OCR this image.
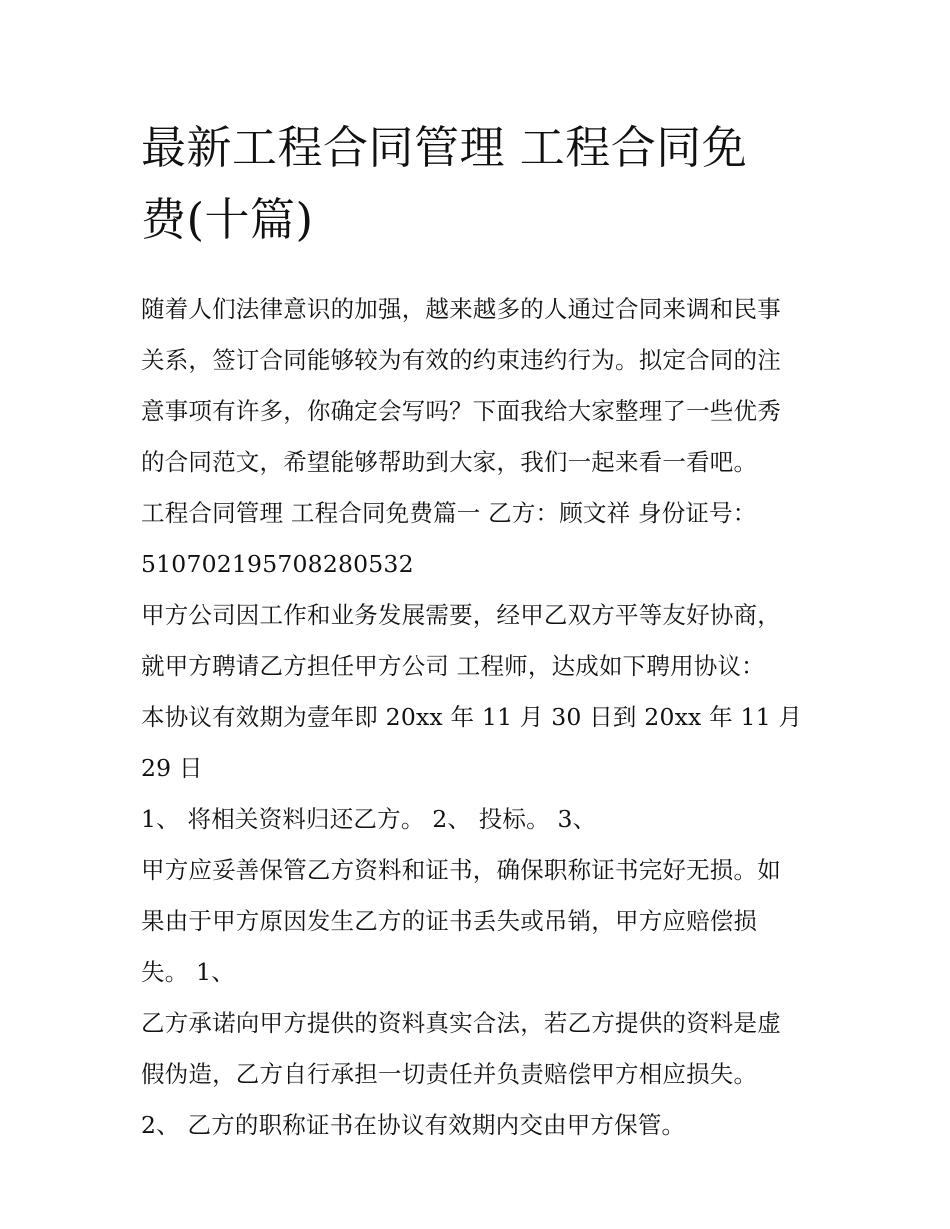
最新工程合同管理 工程合同免
费(十篇)

随着人们法律意识的加强，越来越多的人通过合同来调和民事

关系，签订合同能够较为有效的约束违约行为。拟定合同的注

意事项有许多，你确定会写吗？下面我给大家整理了一些优秀

的合同范文，希望能够帮助到大家，我们一起来看一看吧。

工程合同管理 工程合同免费篇一 乙方：顾文祥 身份证号：

510702195708280532

甲方公司因工作和业务发展需要，经甲乙双方平等友好协商，

就甲方聘请乙方担任甲方公司 工程师，达成如下聘用协议：

本协议有效期为壹年即 20xx 年 11 月 30 日到 20xx 年 11 月 29 日

1、 将相关资料归还乙方。 2、 投标。 3、

甲方应妥善保管乙方资料和证书，确保职称证书完好无损。如

果由于甲方原因发生乙方的证书丢失或吊销，甲方应赔偿损

失。 1、

乙方承诺向甲方提供的资料真实合法，若乙方提供的资料是虚

假伪造，乙方自行承担一切责任并负责赔偿甲方相应损失。

2、 乙方的职称证书在协议有效期内交由甲方保管。
